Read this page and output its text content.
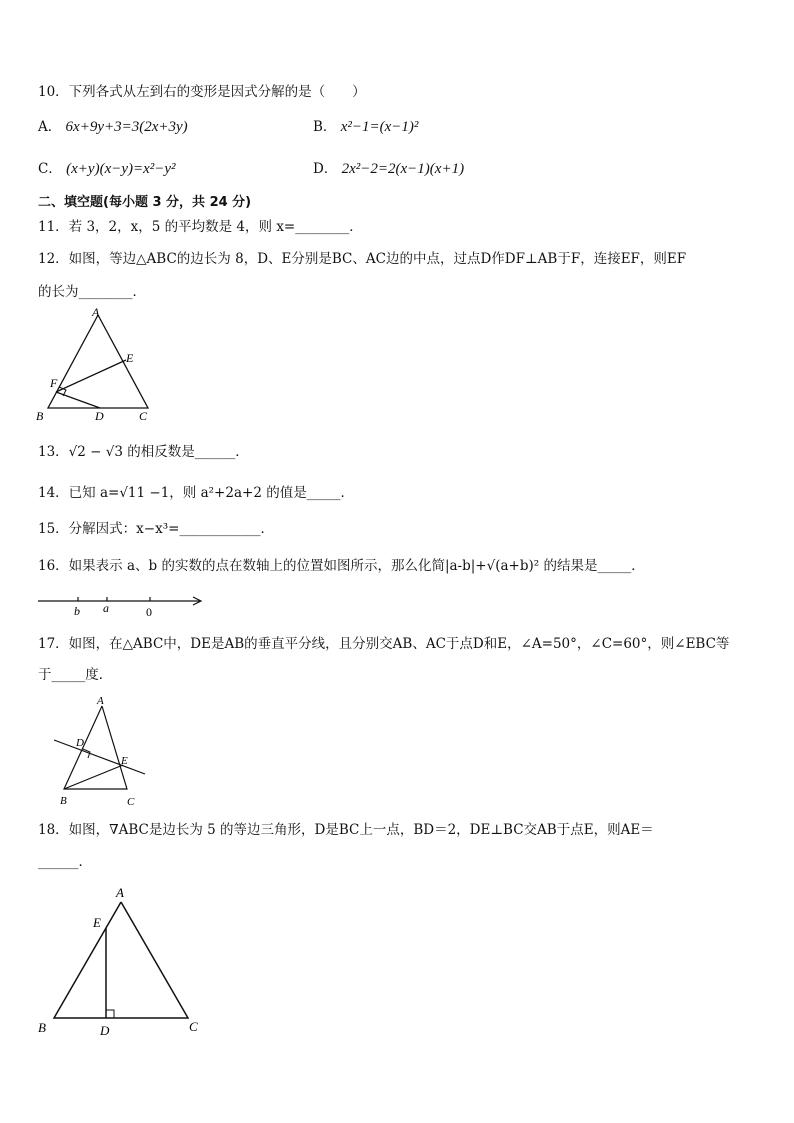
10．下列各式从左到右的变形是因式分解的是（　　）
A． 6x+9y+3=3(2x+3y)	B． x²−1=(x−1)²
C． (x+y)(x−y)=x²−y²	D． 2x²−2=2(x−1)(x+1)
二、填空题(每小题 3 分，共 24 分)
11．若 3，2，x，5 的平均数是 4，则 x=________．
12．如图，等边△ABC的边长为 8，D、E分别是BC、AC边的中点，过点D作DF⊥AB于F，连接EF，则EF
的长为________．
A
E
F
B	D	C
13．√2 − √3 的相反数是______．
14．已知 a=√11 −1，则 a²+2a+2 的值是_____．
15．分解因式：x−x³=____________．
16．如果表示 a、b 的实数的点在数轴上的位置如图所示，那么化简|a-b|+√(a+b)² 的结果是_____．
b a	0
17．如图，在△ABC中，DE是AB的垂直平分线，且分别交AB、AC于点D和E，∠A=50°，∠C=60°，则∠EBC等
于_____度．
A
D
E
B	C
18．如图，∇ABC是边长为 5 的等边三角形，D是BC上一点，BD＝2，DE⊥BC交AB于点E，则AE＝
______．
A
E
B	D	C
